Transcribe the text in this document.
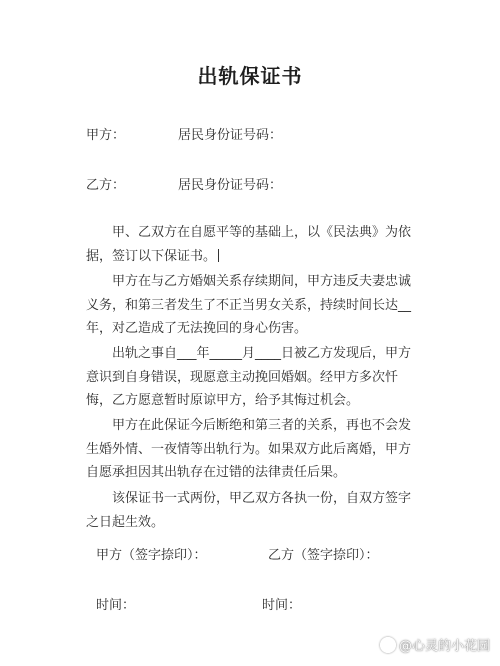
出轨保证书
甲方：	居民身份证号码：
乙方：	居民身份证号码：
甲、乙双方在自愿平等的基础上，以《民法典》为依据，签订以下保证书。
甲方在与乙方婚姻关系存续期间，甲方违反夫妻忠诚义务，和第三者发生了不正当男女关系，持续时间长达__年，对乙造成了无法挽回的身心伤害。
出轨之事自___年_____月____日被乙方发现后，甲方意识到自身错误，现愿意主动挽回婚姻。经甲方多次忏悔，乙方愿意暂时原谅甲方，给予其悔过机会。
甲方在此保证今后断绝和第三者的关系，再也不会发生婚外情、一夜情等出轨行为。如果双方此后离婚，甲方自愿承担因其出轨存在过错的法律责任后果。
该保证书一式两份，甲乙双方各执一份，自双方签字之日起生效。
甲方（签字捺印）：	乙方（签字捺印）：
时间：	时间：
@心灵的小花园
